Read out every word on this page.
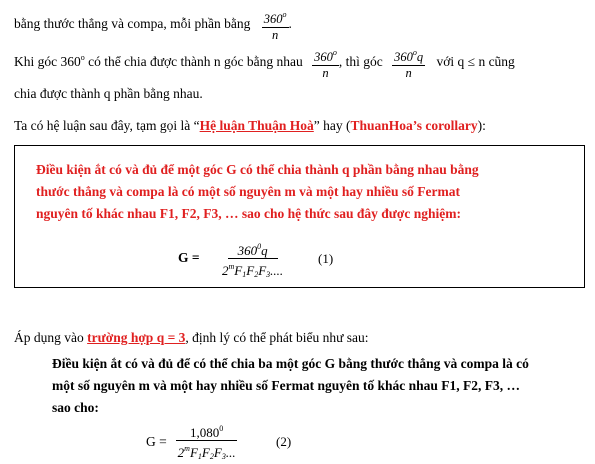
bằng thước thẳng và compa, mỗi phần bằng $\frac{360^o}{n}$ .
Khi góc 360$^o$ có thể chia được thành n góc bằng nhau $\frac{360^o}{n}$ , thì góc $\frac{360^oq}{n}$ với q ≤ n cũng
chia được thành q phần bằng nhau.
Ta có hệ luận sau đây, tạm gọi là “Hệ luận Thuận Hoà” hay (ThuanHoa’s corollary):
Điều kiện ắt có và đủ để một góc G có thể chia thành q phần bằng nhau bằng
thước thẳng và compa là có một số nguyên m và một hay nhiều số Fermat
nguyên tố khác nhau F1, F2, F3, … sao cho hệ thức sau đây được nghiệm:
$G = \frac{360^0q}{2^mF_1F_2F_3....}$	(1)
Áp dụng vào trường hợp q = 3, định lý có thể phát biểu như sau:
Điều kiện ắt có và đủ để có thể chia ba một góc G bằng thước thẳng và compa là có
một số nguyên m và một hay nhiều số Fermat nguyên tố khác nhau F1, F2, F3, …
sao cho:
$G = \frac{1,080^0}{2^mF_1F_2F_3...}$	(2)
